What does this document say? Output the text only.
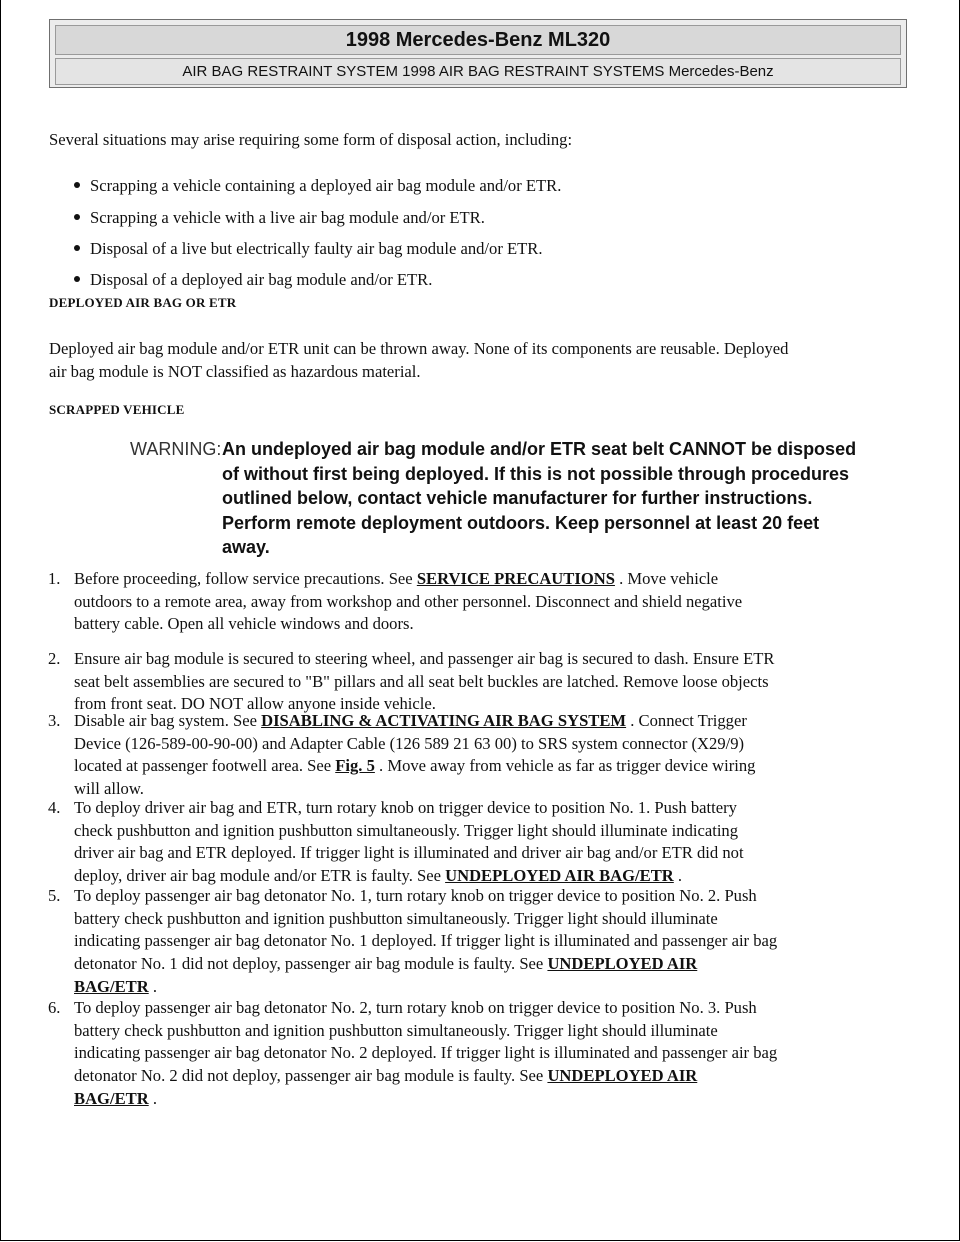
1998 Mercedes-Benz ML320
AIR BAG RESTRAINT SYSTEM 1998 AIR BAG RESTRAINT SYSTEMS Mercedes-Benz

Several situations may arise requiring some form of disposal action, including:

Scrapping a vehicle containing a deployed air bag module and/or ETR.
Scrapping a vehicle with a live air bag module and/or ETR.
Disposal of a live but electrically faulty air bag module and/or ETR.
Disposal of a deployed air bag module and/or ETR.
DEPLOYED AIR BAG OR ETR
Deployed air bag module and/or ETR unit can be thrown away. None of its components are reusable. Deployed
air bag module is NOT classified as hazardous material.
SCRAPPED VEHICLE
WARNING: An undeployed air bag module and/or ETR seat belt CANNOT be disposed
of without first being deployed. If this is not possible through procedures
outlined below, contact vehicle manufacturer for further instructions.
Perform remote deployment outdoors. Keep personnel at least 20 feet
away.
1. Before proceeding, follow service precautions. See SERVICE PRECAUTIONS . Move vehicle
outdoors to a remote area, away from workshop and other personnel. Disconnect and shield negative
battery cable. Open all vehicle windows and doors.
2. Ensure air bag module is secured to steering wheel, and passenger air bag is secured to dash. Ensure ETR
seat belt assemblies are secured to "B" pillars and all seat belt buckles are latched. Remove loose objects
from front seat. DO NOT allow anyone inside vehicle.
3. Disable air bag system. See DISABLING & ACTIVATING AIR BAG SYSTEM . Connect Trigger
Device (126-589-00-90-00) and Adapter Cable (126 589 21 63 00) to SRS system connector (X29/9)
located at passenger footwell area. See Fig. 5 . Move away from vehicle as far as trigger device wiring
will allow.
4. To deploy driver air bag and ETR, turn rotary knob on trigger device to position No. 1. Push battery
check pushbutton and ignition pushbutton simultaneously. Trigger light should illuminate indicating
driver air bag and ETR deployed. If trigger light is illuminated and driver air bag and/or ETR did not
deploy, driver air bag module and/or ETR is faulty. See UNDEPLOYED AIR BAG/ETR .
5. To deploy passenger air bag detonator No. 1, turn rotary knob on trigger device to position No. 2. Push
battery check pushbutton and ignition pushbutton simultaneously. Trigger light should illuminate
indicating passenger air bag detonator No. 1 deployed. If trigger light is illuminated and passenger air bag
detonator No. 1 did not deploy, passenger air bag module is faulty. See UNDEPLOYED AIR
BAG/ETR .
6. To deploy passenger air bag detonator No. 2, turn rotary knob on trigger device to position No. 3. Push
battery check pushbutton and ignition pushbutton simultaneously. Trigger light should illuminate
indicating passenger air bag detonator No. 2 deployed. If trigger light is illuminated and passenger air bag
detonator No. 2 did not deploy, passenger air bag module is faulty. See UNDEPLOYED AIR
BAG/ETR .
